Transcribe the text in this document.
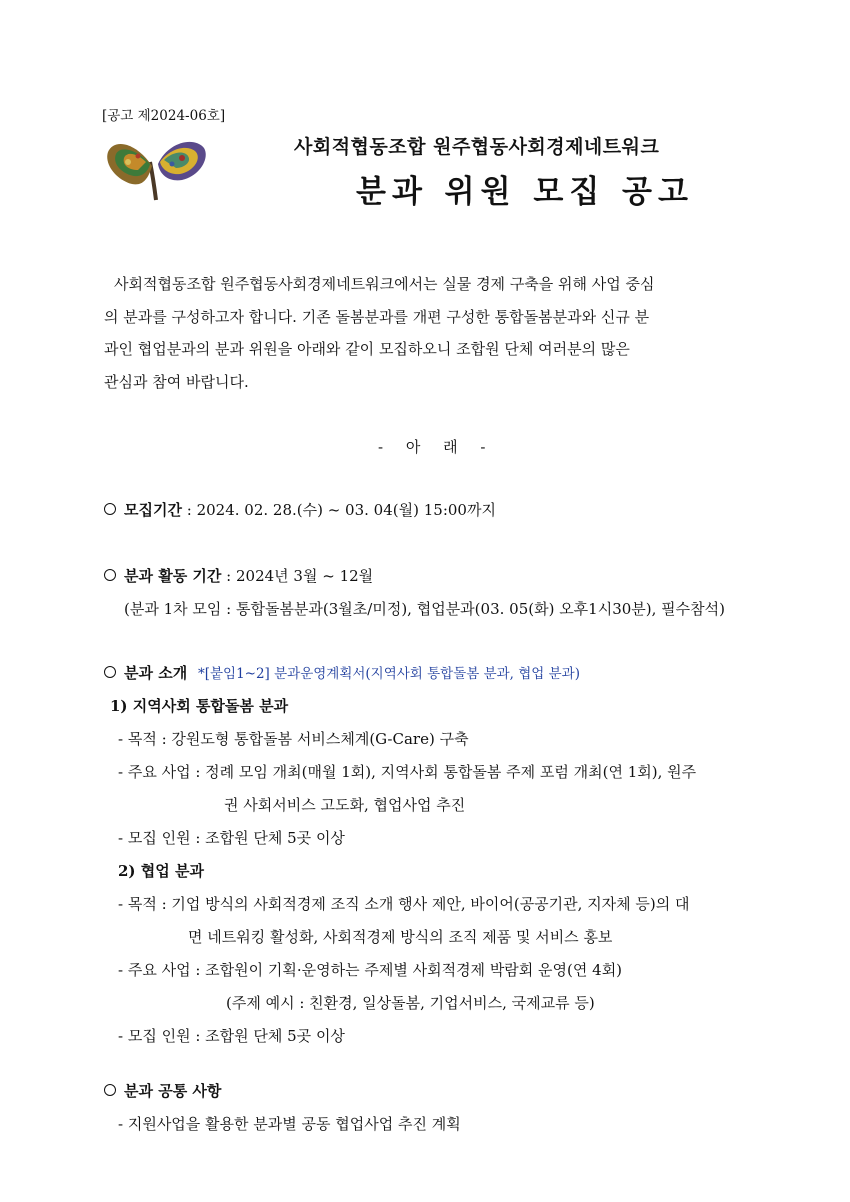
[공고 제2024-06호]
사회적협동조합 원주협동사회경제네트워크
분과 위원 모집 공고
사회적협동조합 원주협동사회경제네트워크에서는 실물 경제 구축을 위해 사업 중심
의 분과를 구성하고자 합니다. 기존 돌봄분과를 개편 구성한 통합돌봄분과와 신규 분
과인 협업분과의 분과 위원을 아래와 같이 모집하오니 조합원 단체 여러분의 많은
관심과 참여 바랍니다.
- 아 래 -
모집기간 : 2024. 02. 28.(수) ~ 03. 04(월) 15:00까지
분과 활동 기간 : 2024년 3월 ~ 12월
(분과 1차 모임 : 통합돌봄분과(3월초/미정), 협업분과(03. 05(화) 오후1시30분), 필수참석)
분과 소개 *[붙임1~2] 분과운영계획서(지역사회 통합돌봄 분과, 협업 분과)
1) 지역사회 통합돌봄 분과
- 목적 : 강원도형 통합돌봄 서비스체계(G-Care) 구축
- 주요 사업 : 정례 모임 개최(매월 1회), 지역사회 통합돌봄 주제 포럼 개최(연 1회), 원주
권 사회서비스 고도화, 협업사업 추진
- 모집 인원 : 조합원 단체 5곳 이상
2) 협업 분과
- 목적 : 기업 방식의 사회적경제 조직 소개 행사 제안, 바이어(공공기관, 지자체 등)의 대
면 네트워킹 활성화, 사회적경제 방식의 조직 제품 및 서비스 홍보
- 주요 사업 : 조합원이 기획·운영하는 주제별 사회적경제 박람회 운영(연 4회)
(주제 예시 : 친환경, 일상돌봄, 기업서비스, 국제교류 등)
- 모집 인원 : 조합원 단체 5곳 이상
분과 공통 사항
- 지원사업을 활용한 분과별 공동 협업사업 추진 계획
